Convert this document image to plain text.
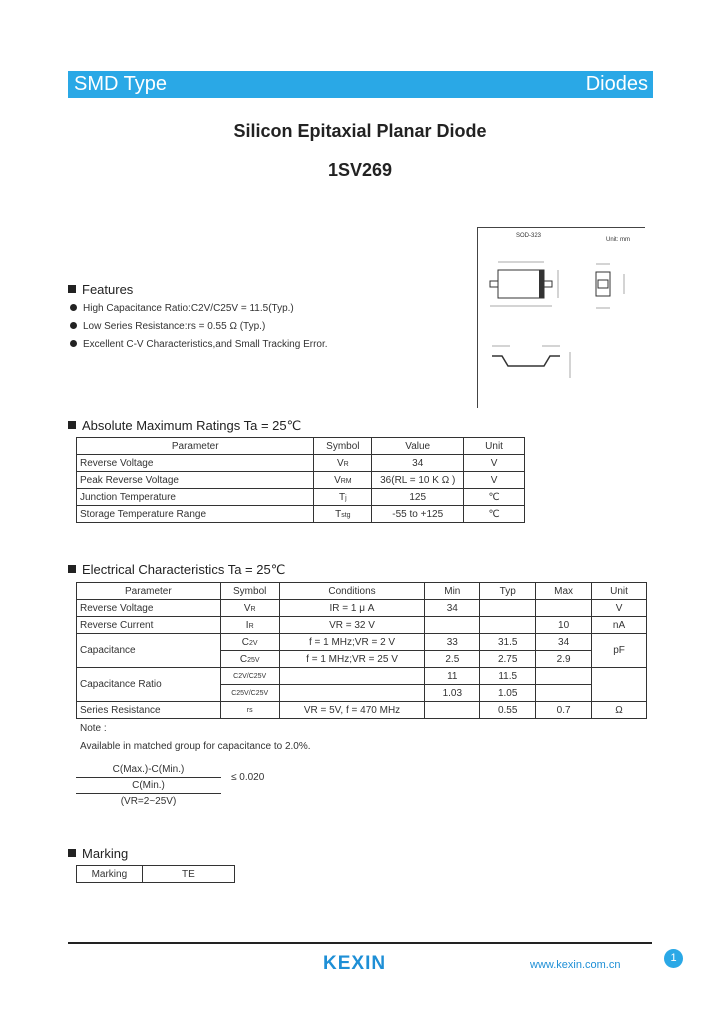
SMD Type	Diodes
Silicon Epitaxial Planar Diode
1SV269
SOD-323
Unit: mm
Features
High Capacitance Ratio:C2V/C25V = 11.5(Typ.)
Low Series Resistance:rs = 0.55 Ω (Typ.)
Excellent C-V Characteristics,and Small Tracking Error.
Absolute Maximum Ratings Ta = 25℃
Parameter	Symbol	Value	Unit
Reverse Voltage	VR	34	V
Peak Reverse Voltage	VRM	36(RL = 10 K Ω )	V
Junction Temperature	Tj	125	℃
Storage Temperature Range	Tstg	-55 to +125	℃
Electrical Characteristics Ta = 25℃
Parameter	Symbol	Conditions	Min	Typ	Max	Unit
Reverse Voltage	VR	IR = 1 μ A	34			V
Reverse Current	IR	VR = 32 V			10	nA
Capacitance	C2V	f = 1 MHz;VR = 2 V	33	31.5	34	pF
	C25V	f = 1 MHz;VR = 25 V	2.5	2.75	2.9	
Capacitance Ratio	C2V/C25V		11	11.5		
	C25V/C25V		1.03	1.05		
Series Resistance	rs	VR = 5V, f = 470 MHz		0.55	0.7	Ω
Note :
Available in matched group for capacitance to 2.0%.
C(Max.)-C(Min.)
C(Min.)
(VR=2~25V)
≤ 0.020
Marking
Marking	TE
KEXIN	www.kexin.com.cn
1
